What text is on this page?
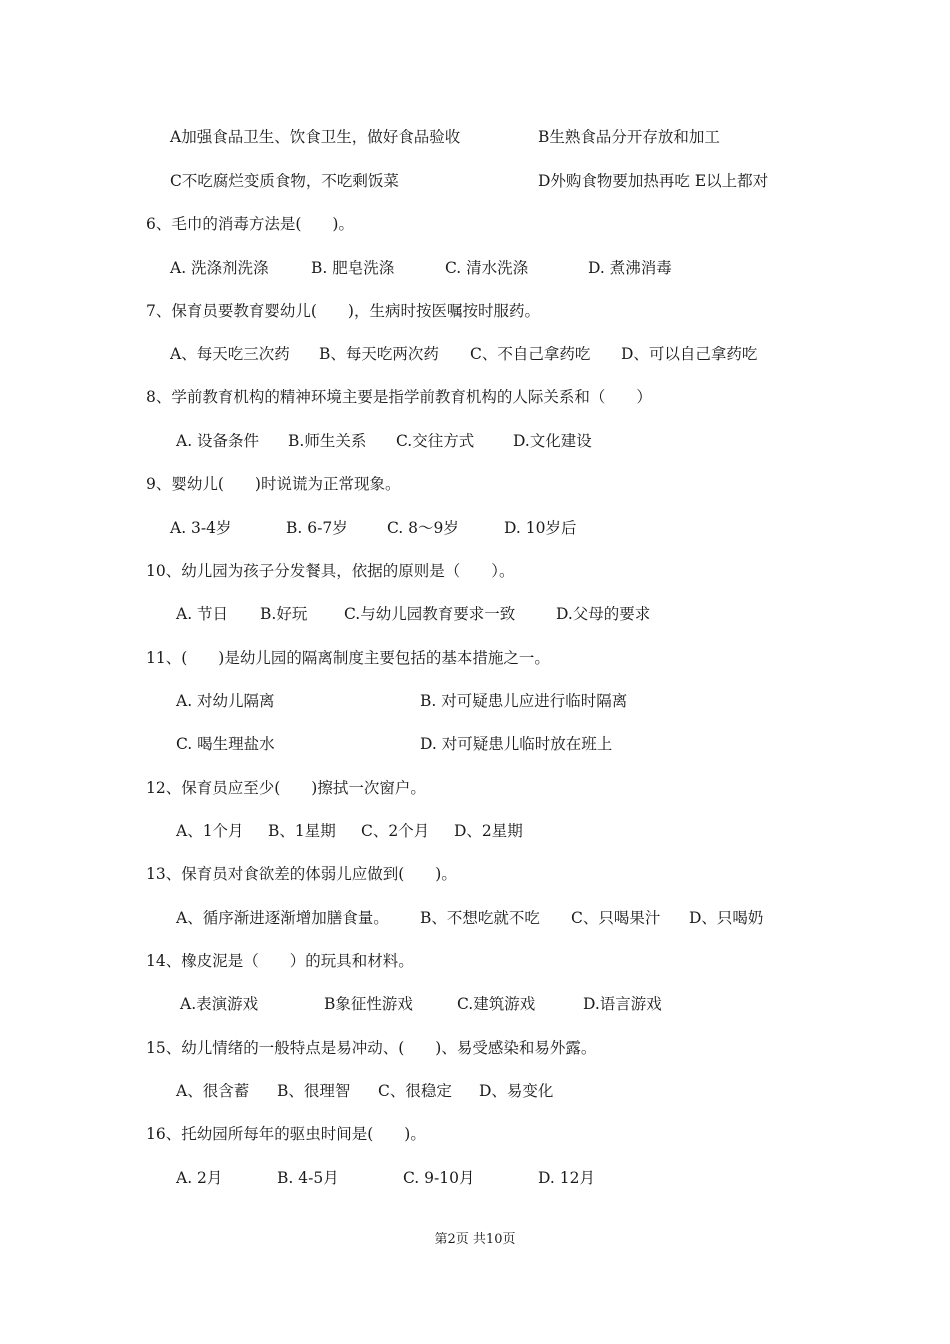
A加强食品卫生、饮食卫生，做好食品验收	B生熟食品分开存放和加工
C不吃腐烂变质食物，不吃剩饭菜	D外购食物要加热再吃 E以上都对
6、毛巾的消毒方法是(　　)。
A. 洗涤剂洗涤	B. 肥皂洗涤	C. 清水洗涤	D. 煮沸消毒
7、保育员要教育婴幼儿(　　)，生病时按医嘱按时服药。
A、每天吃三次药 B、每天吃两次药 C、不自己拿药吃 D、可以自己拿药吃
8、学前教育机构的精神环境主要是指学前教育机构的人际关系和（　　）
A. 设备条件 B.师生关系 C.交往方式	D.文化建设
9、婴幼儿(　　)时说谎为正常现象。
A. 3-4岁	B. 6-7岁	C. 8～9岁	D. 10岁后
10、幼儿园为孩子分发餐具，依据的原则是（　　）。
A. 节日 B.好玩 C.与幼儿园教育要求一致	D.父母的要求
11、(　　)是幼儿园的隔离制度主要包括的基本措施之一。
A. 对幼儿隔离	B. 对可疑患儿应进行临时隔离
C. 喝生理盐水	D. 对可疑患儿临时放在班上
12、保育员应至少(　　)擦拭一次窗户。
A、1个月 B、1星期 C、2个月 D、2星期
13、保育员对食欲差的体弱儿应做到(　　)。
A、循序渐进逐渐增加膳食量。 B、不想吃就不吃 C、只喝果汁 D、只喝奶
14、橡皮泥是（　　）的玩具和材料。
A.表演游戏	B象征性游戏	C.建筑游戏	D.语言游戏
15、幼儿情绪的一般特点是易冲动、(　　)、易受感染和易外露。
A、很含蓄 B、很理智 C、很稳定 D、易变化
16、托幼园所每年的驱虫时间是(　　)。
A. 2月	B. 4-5月	C. 9-10月	D. 12月
第2页 共10页
